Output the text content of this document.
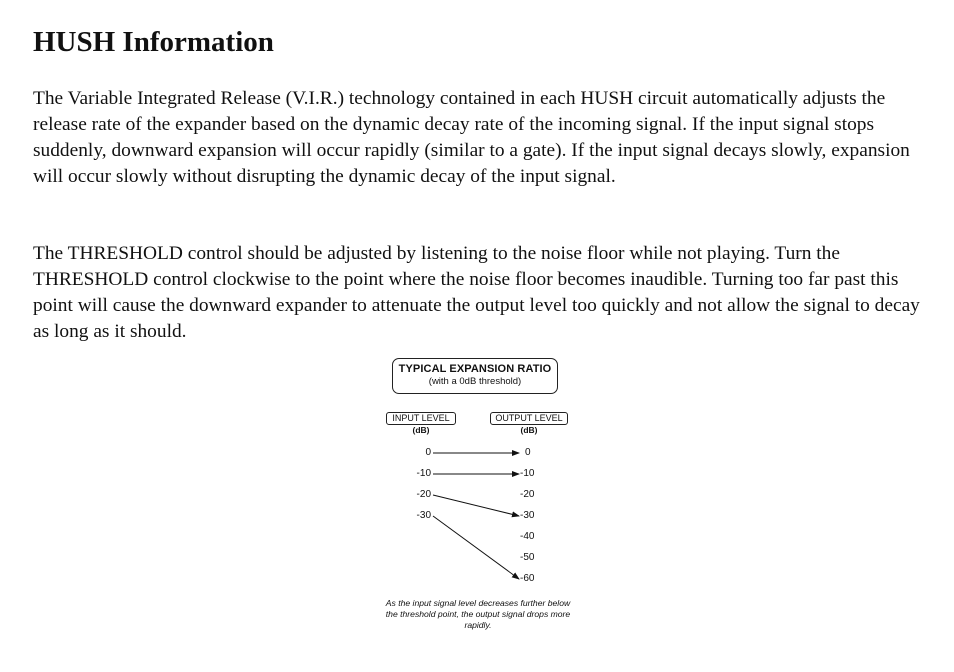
HUSH Information

The Variable Integrated Release (V.I.R.) technology contained in each HUSH circuit automatically adjusts the release rate of the expander based on the dynamic decay rate of the incoming signal. If the input signal stops suddenly, downward expansion will occur rapidly (similar to a gate). If the input signal decays slowly, expansion will occur slowly without disrupting the dynamic decay of the input signal.

The THRESHOLD control should be adjusted by listening to the noise floor while not playing. Turn the THRESHOLD control clockwise to the point where the noise floor becomes inaudible. Turning too far past this point will cause the downward expander to attenuate the output level too quickly and not allow the signal to decay as long as it should.

TYPICAL EXPANSION RATIO
(with a 0dB threshold)
INPUT LEVEL
(dB)
OUTPUT LEVEL
(dB)
0
-10
-20
-30
0
-10
-20
-30
-40
-50
-60
As the input signal level decreases further below the threshold point, the output signal drops more rapidly.
